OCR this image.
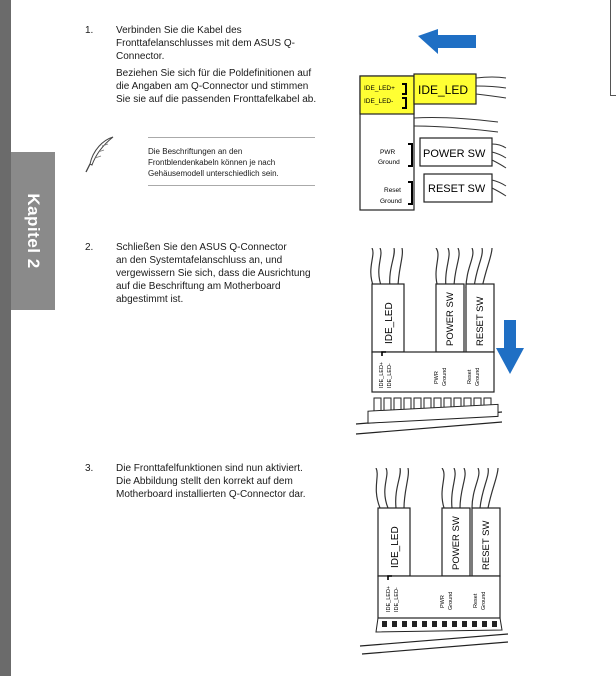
Kapitel 2
1. Verbinden Sie die Kabel des
Fronttafelanschlusses mit dem ASUS Q-
Connector.

Beziehen Sie sich für die Poldefinitionen auf
die Angaben am Q-Connector und stimmen
Sie sie auf die passenden Fronttafelkabel ab.

Die Beschriftungen an den
Frontblendenkabeln können je nach
Gehäusemodell unterschiedlich sein.
2. Schließen Sie den ASUS Q-Connector
an den Systemtafelanschluss an, und
vergewissern Sie sich, dass die Ausrichtung
auf die Beschriftung am Motherboard
abgestimmt ist.
3. Die Fronttafelfunktionen sind nun aktiviert.
Die Abbildung stellt den korrekt auf dem
Motherboard installierten Q-Connector dar.
IDE_LED+
IDE_LED-
PWR
Ground
Reset
Ground
IDE_LED
POWER SW
RESET SW
IDE_LED	POWER SW RESET SW
IDE_LED+ IDE_LED-	PWR Ground	Reset Ground
IDE_LED	POWER SW RESET SW
IDE_LED+ IDE_LED-	PWR Ground	Reset Ground
